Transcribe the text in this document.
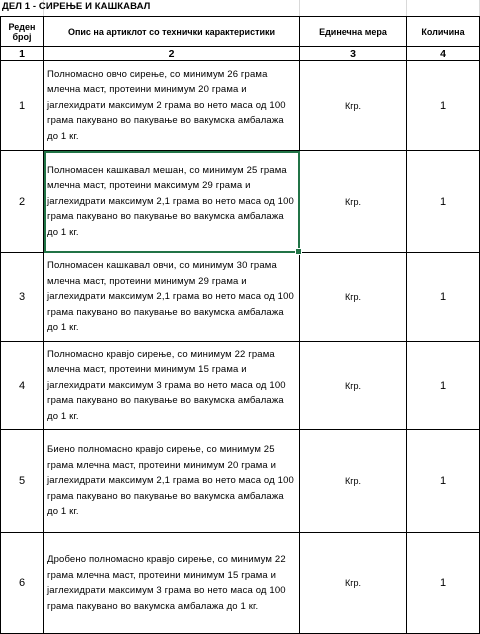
ДЕЛ 1 - СИРЕЊЕ И КАШКАВАЛ
Реден број	Опис на артиклот со технички карактеристики	Единечна мера	Количина
1	2	3	4
1	Полномасно овчо сирење, со минимум 26 грама млечна маст, протеини минимум 20 грама и јаглехидрати максимум 2 грама во нето маса од 100 грама пакувано во пакување во вакумска амбалажа до 1 кг.	Кгр.	1
2	Полномасен кашкавал мешан, со минимум 25 грама млечна маст, протеини максимум 29 грама и јаглехидрати максимум 2,1 грама во нето маса од 100 грама пакувано во пакување во вакумска амбалажа до 1 кг.	Кгр.	1
3	Полномасен кашкавал овчи, со минимум 30 грама млечна маст, протеини минимум 29 грама и јаглехидрати максимум 2,1 грама во нето маса од 100 грама пакувано во пакување во вакумска амбалажа до 1 кг.	Кгр.	1
4	Полномасно кравјо сирење, со минимум 22 грама млечна маст, протеини минимум 15 грама и јаглехидрати максимум 3 грама во нето маса од 100 грама пакувано во пакување во вакумска амбалажа до 1 кг.	Кгр.	1
5	Биено полномасно кравјо сирење, со минимум 25 грама млечна маст, протеини минимум 20 грама и јаглехидрати максимум 2,1 грама во нето маса од 100 грама пакувано во пакување во вакумска амбалажа до 1 кг.	Кгр.	1
6	Дробено полномасно кравјо сирење, со минимум 22 грама млечна маст, протеини минимум 15 грама и јаглехидрати максимум 3 грама во нето маса од 100 грама пакувано во вакумска амбалажа до 1 кг.	Кгр.	1
